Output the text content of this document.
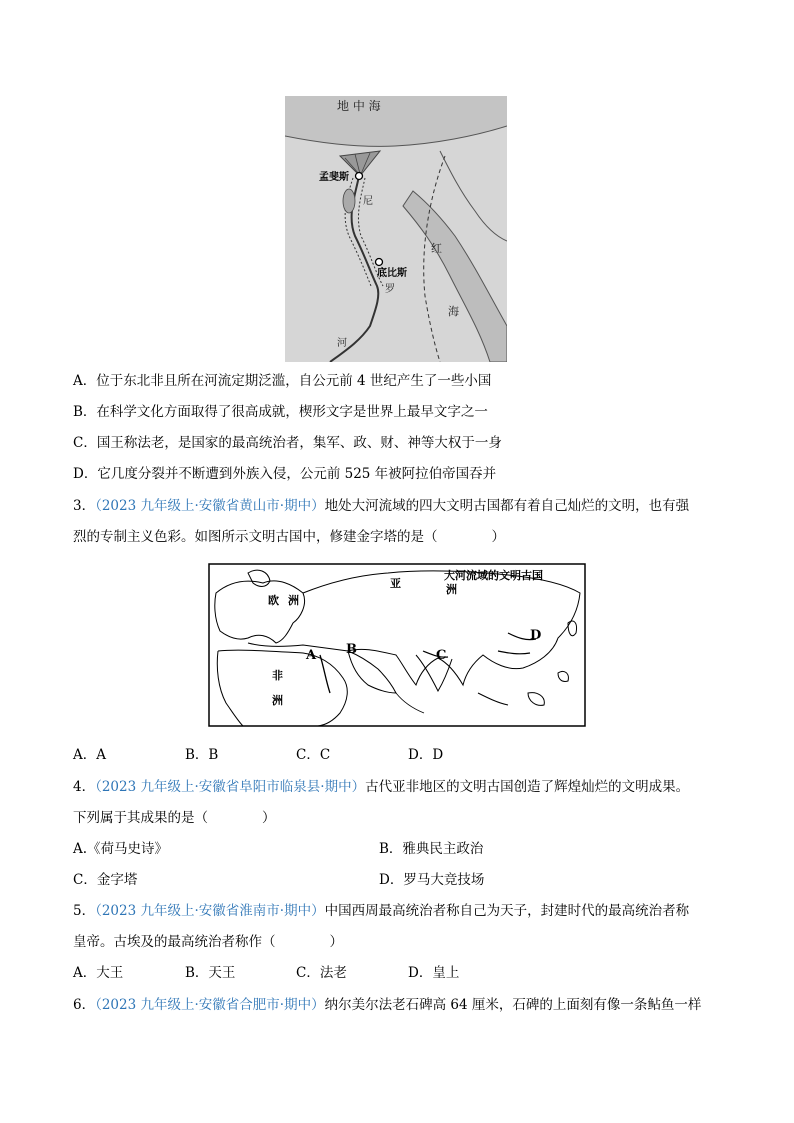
地 中 海
孟斐斯
底比斯
尼
罗
河
红
海
A．位于东北非且所在河流定期泛滥，自公元前 4 世纪产生了一些小国
B．在科学文化方面取得了很高成就，楔形文字是世界上最早文字之一
C．国王称法老，是国家的最高统治者，集军、政、财、神等大权于一身
D．它几度分裂并不断遭到外族入侵，公元前 525 年被阿拉伯帝国吞并
3．（2023 九年级上·安徽省黄山市·期中）地处大河流域的四大文明古国都有着自己灿烂的文明，也有强
烈的专制主义色彩。如图所示文明古国中，修建金字塔的是（　　　　）
大河流域的文明古国
欧 洲
亚	洲
非
洲
A B	C
D
A．A	B．B	C．C	D．D
4．（2023 九年级上·安徽省阜阳市临泉县·期中）古代亚非地区的文明古国创造了辉煌灿烂的文明成果。
下列属于其成果的是（　　　　）
A.《荷马史诗》	B．雅典民主政治
C．金字塔	D．罗马大竞技场
5．（2023 九年级上·安徽省淮南市·期中）中国西周最高统治者称自己为天子，封建时代的最高统治者称
皇帝。古埃及的最高统治者称作（　　　　）
A．大王	B．天王	C．法老	D．皇上
6．（2023 九年级上·安徽省合肥市·期中）纳尔美尔法老石碑高 64 厘米，石碑的上面刻有像一条鲇鱼一样
